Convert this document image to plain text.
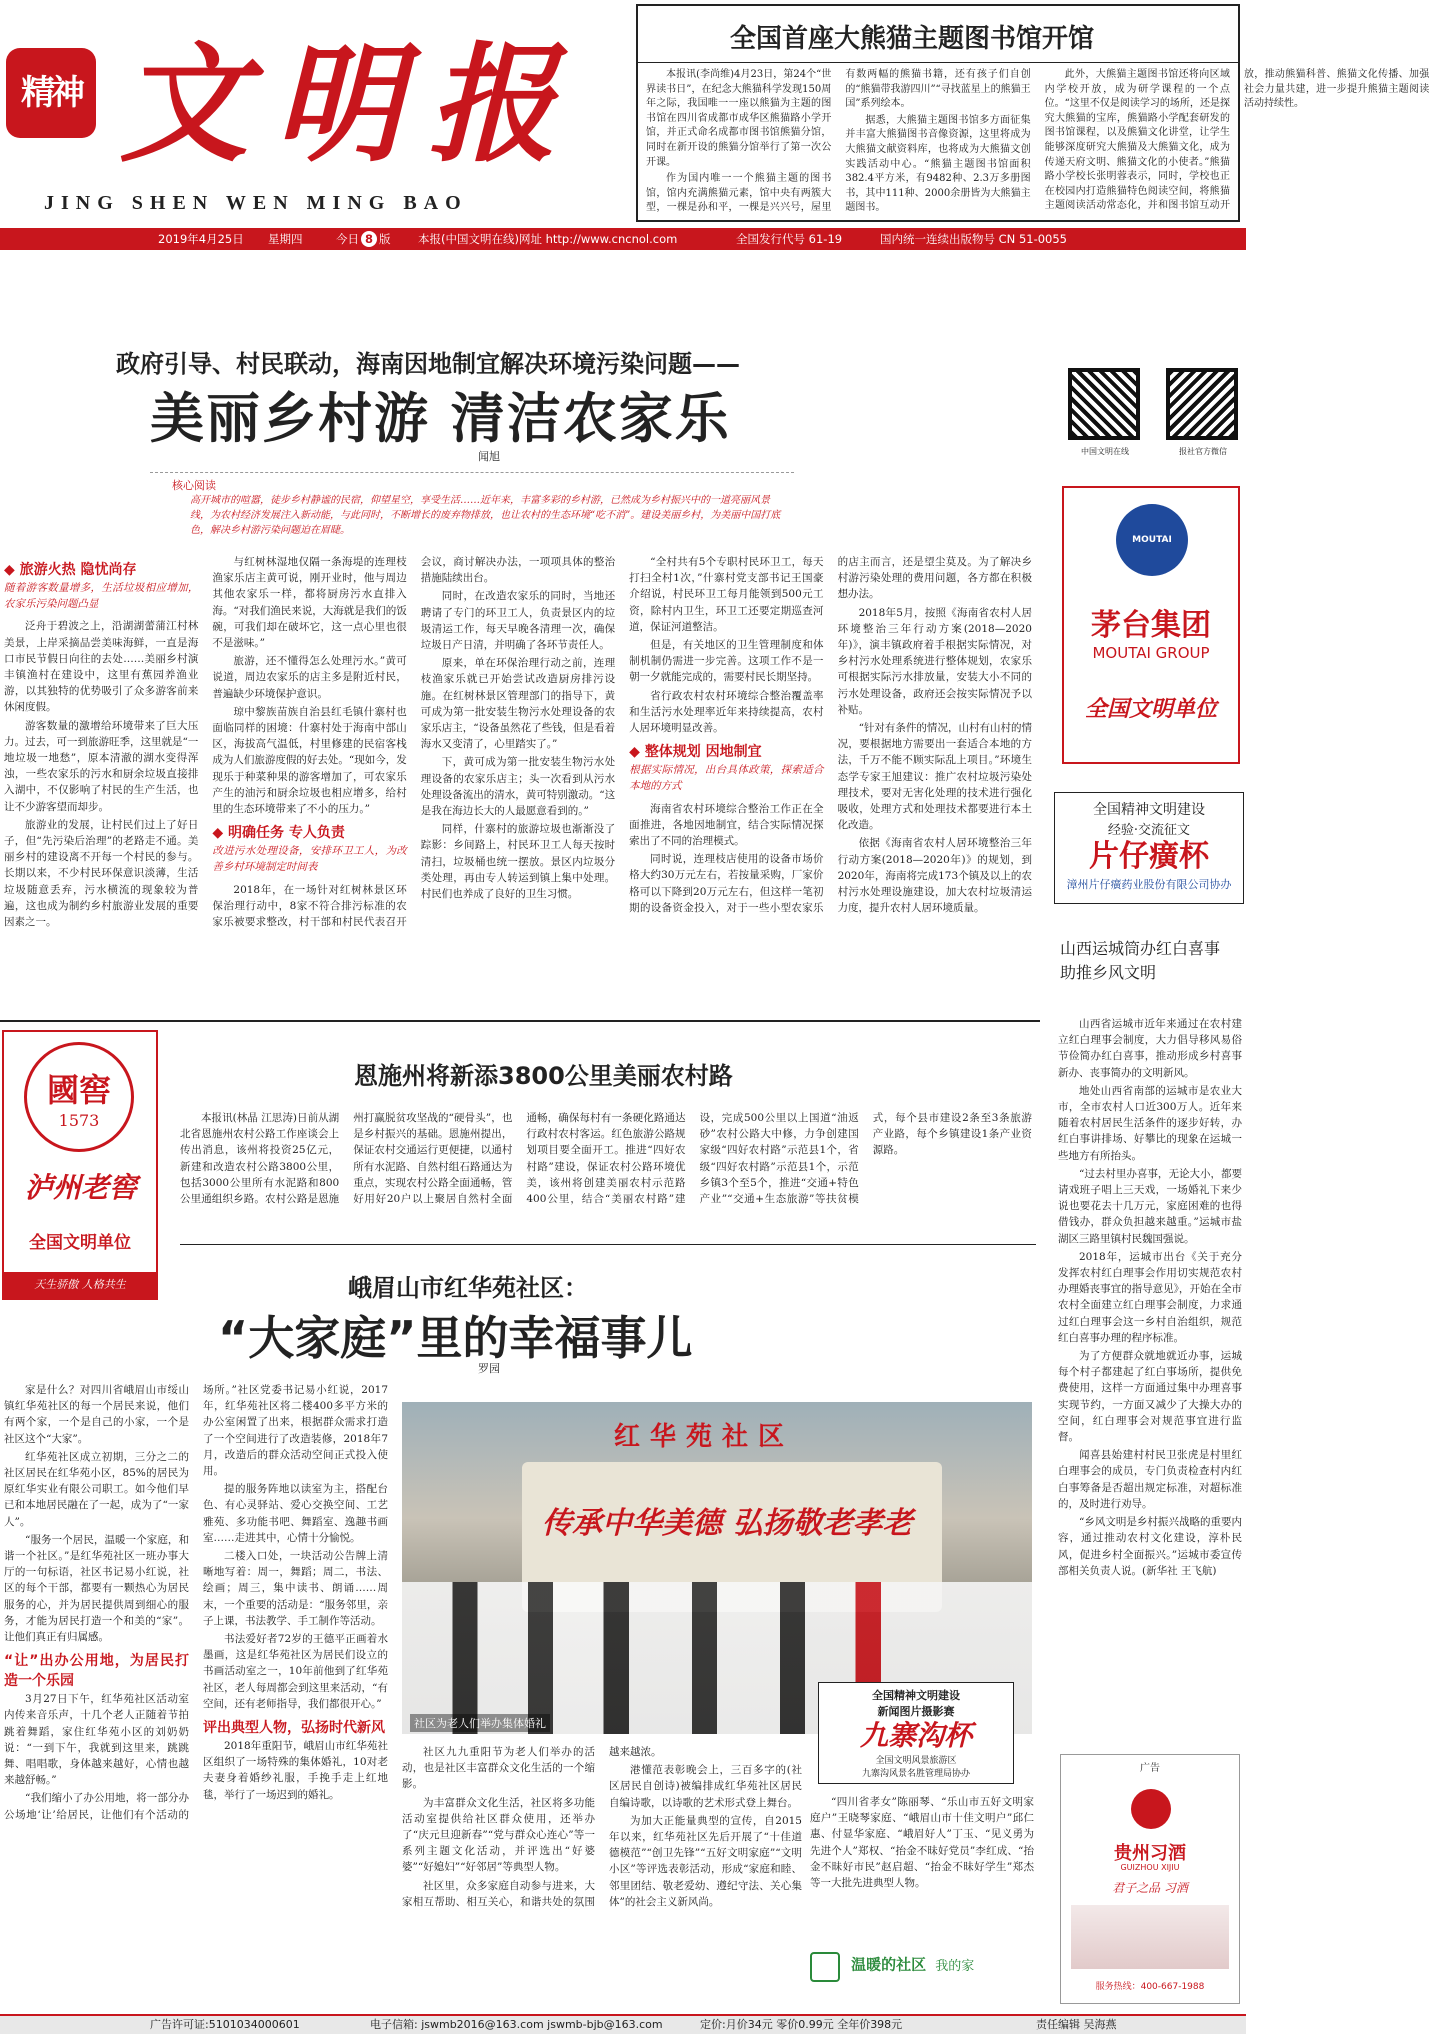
精神 文明报
JING SHEN WEN MING BAO
2019年4月25日 星期四	今日 8 版 本报(中国文明在线)网址 http://www.cncnol.com	全国发行代号 61-19	国内统一连续出版物号 CN 51-0055
全国首座大熊猫主题图书馆开馆

本报讯(李尚维)4月23日，第24个“世界读书日”，在纪念大熊猫科学发现150周年之际，我国唯一一座以熊猫为主题的图书馆在四川省成都市成华区熊猫路小学开馆，并正式命名成都市图书馆熊猫分馆，同时在新开设的熊猫分馆举行了第一次公开课。

作为国内唯一一个熊猫主题的图书馆，馆内充满熊猫元素，馆中央有两簇大型，一棵是孙和平，一棵是兴兴号，屋里有数两幅的熊猫书籍，还有孩子们自创的“熊猫带我游四川”“寻找蓝星上的熊猫王国”系列绘本。

据悉，大熊猫主题图书馆多方面征集并丰富大熊猫图书音像资源，这里将成为大熊猫文献资料库，也将成为大熊猫文创实践活动中心。“熊猫主题图书馆面积382.4平方米，有9482种、2.3万多册图书，其中111种、2000余册皆为大熊猫主题图书。

此外，大熊猫主题图书馆还将向区域内学校开放，成为研学课程的一个点位。“这里不仅是阅读学习的场所，还是探究大熊猫的宝库，熊猫路小学配套研发的图书馆课程，以及熊猫文化讲堂，让学生能够深度研究大熊猫及大熊猫文化，成为传递天府文明、熊猫文化的小使者。”熊猫路小学校长张明蓉表示，同时，学校也正在校园内打造熊猫特色阅读空间，将熊猫主题阅读活动常态化，并和图书馆互动开放，推动熊猫科普、熊猫文化传播、加强社会力量共建，进一步提升熊猫主题阅读活动持续性。

政府引导、村民联动，海南因地制宜解决环境污染问题——
美丽乡村游 清洁农家乐
闻旭
核心阅读
高开城市的喧嚣，徒步乡村静谧的民宿，仰望星空，享受生活……近年来，丰富多彩的乡村游，已然成为乡村振兴中的一道亮丽风景线，为农村经济发展注入新动能，与此同时，不断增长的废弃物排放，也让农村的生态环境“吃不消”。建设美丽乡村，为美丽中国打底色，解决乡村游污染问题迫在眉睫。
◆ 旅游火热 隐忧尚存
随着游客数量增多，生活垃圾相应增加，农家乐污染问题凸显

泛舟于碧波之上，沿湖湖蕾蒲江村林美景，上岸采摘品尝美味海鲜，一直是海口市民节假日向往的去处……美丽乡村演丰镇渔村在建设中，这里有蕉园养渔业游，以其独特的优势吸引了众多游客前来休闲度假。

游客数量的激增给环境带来了巨大压力。过去，可一到旅游旺季，这里就是“一地垃圾一地愁”，原本清澈的湖水变得浑浊，一些农家乐的污水和厨余垃圾直接排入湖中，不仅影响了村民的生产生活，也让不少游客望而却步。

旅游业的发展，让村民们过上了好日子，但“先污染后治理”的老路走不通。美丽乡村的建设离不开每一个村民的参与。长期以来，不少村民环保意识淡薄，生活垃圾随意丢弃，污水横流的现象较为普遍，这也成为制约乡村旅游业发展的重要因素之一。

与红树林湿地仅隔一条海堤的连理枝渔家乐店主黄可说，刚开业时，他与周边其他农家乐一样，都将厨房污水直排入海。“对我们渔民来说，大海就是我们的饭碗，可我们却在破坏它，这一点心里也很不是滋味。”

旅游，还不懂得怎么处理污水。”黄可说道，周边农家乐的店主多是附近村民，普遍缺少环境保护意识。

琼中黎族苗族自治县红毛镇什寨村也面临同样的困境：什寨村处于海南中部山区，海拔高气温低，村里修建的民宿客栈成为人们旅游度假的好去处。“现如今，发现乐于种菜种果的游客增加了，可农家乐产生的油污和厨余垃圾也相应增多，给村里的生态环境带来了不小的压力。”

◆ 明确任务 专人负责
改进污水处理设备，安排环卫工人，为改善乡村环境制定时间表

2018年，在一场针对红树林景区环保治理行动中，8家不符合排污标准的农家乐被要求整改，村干部和村民代表召开会议，商讨解决办法，一项项具体的整治措施陆续出台。

同时，在改造农家乐的同时，当地还聘请了专门的环卫工人，负责景区内的垃圾清运工作，每天早晚各清理一次，确保垃圾日产日清，并明确了各环节责任人。

原来，单在环保治理行动之前，连理枝渔家乐就已开始尝试改造厨房排污设施。在红树林景区管理部门的指导下，黄可成为第一批安装生物污水处理设备的农家乐店主，“设备虽然花了些钱，但是看着海水又变清了，心里踏实了。”

下，黄可成为第一批安装生物污水处理设备的农家乐店主；头一次看到从污水处理设备流出的清水，黄可特别激动。“这是我在海边长大的人最愿意看到的。”

同样，什寨村的旅游垃圾也渐渐没了踪影：乡间路上，村民环卫工人每天按时清扫，垃圾桶也统一摆放。景区内垃圾分类处理，再由专人转运到镇上集中处理。村民们也养成了良好的卫生习惯。

“全村共有5个专职村民环卫工，每天打扫全村1次，”什寨村党支部书记王国豪介绍说，村民环卫工每月能领到500元工资，除村内卫生，环卫工还要定期巡查河道，保证河道整洁。

但是，有关地区的卫生管理制度和体制机制仍需进一步完善。这项工作不是一朝一夕就能完成的，需要村民长期坚持。

省行政农村农村环境综合整治覆盖率和生活污水处理率近年来持续提高，农村人居环境明显改善。

◆ 整体规划 因地制宜
根据实际情况，出台具体政策，探索适合本地的方式

海南省农村环境综合整治工作正在全面推进，各地因地制宜，结合实际情况探索出了不同的治理模式。

同时说，连理枝店使用的设备市场价格大约30万元左右，若按量采购，厂家价格可以下降到20万元左右，但这样一笔初期的设备资金投入，对于一些小型农家乐的店主而言，还是望尘莫及。为了解决乡村游污染处理的费用问题，各方都在积极想办法。

2018年5月，按照《海南省农村人居环境整治三年行动方案(2018—2020年)》，演丰镇政府着手根据实际情况，对乡村污水处理系统进行整体规划，农家乐可根据实际污水排放量，安装大小不同的污水处理设备，政府还会按实际情况予以补贴。

“针对有条件的情况，山村有山村的情况，要根据地方需要出一套适合本地的方法，千万不能不顾实际乱上项目。”环境生态学专家王旭建议：推广农村垃圾污染处理技术，要对无害化处理的技术进行强化吸收，处理方式和处理技术都要进行本土化改造。

依据《海南省农村人居环境整治三年行动方案(2018—2020年)》的规划，到2020年，海南将完成173个镇及以上的农村污水处理设施建设，加大农村垃圾清运力度，提升农村人居环境质量。

國窖
1573
泸州老窖
全国文明单位
天生骄傲 人格共生
恩施州将新添3800公里美丽农村路

本报讯(林晶 江思涛)日前从湖北省恩施州农村公路工作座谈会上传出消息，该州将投资25亿元，新建和改造农村公路3800公里，包括3000公里所有水泥路和800公里通组织乡路。农村公路是恩施州打赢脱贫攻坚战的“硬骨头”，也是乡村振兴的基础。恩施州提出，保证农村交通运行更便捷，以通村所有水泥路、自然村组石路通达为重点，实现农村公路全面通畅，管好用好20户以上聚居自然村全面通畅，确保每村有一条硬化路通达行政村农村客运。红色旅游公路规划项目要全面开工。推进“四好农村路”建设，保证农村公路环境优美，该州将创建美丽农村示范路400公里，结合“美丽农村路”建设，完成500公里以上国道“油返砂”农村公路大中修，力争创建国家级“四好农村路”示范县1个，省级“四好农村路”示范县1个，示范乡镇3个至5个，推进“交通+特色产业”“交通+生态旅游”等扶贫模式，每个县市建设2条至3条旅游产业路，每个乡镇建设1条产业资源路。

峨眉山市红华苑社区：
“大家庭”里的幸福事儿
罗园

家是什么？对四川省峨眉山市绥山镇红华苑社区的每一个居民来说，他们有两个家，一个是自己的小家，一个是社区这个“大家”。

红华苑社区成立初期，三分之二的社区居民在红华苑小区，85%的居民为原红华实业有限公司职工。如今他们早已和本地居民融在了一起，成为了“一家人”。

“服务一个居民，温暖一个家庭，和谐一个社区。”是红华苑社区一班办事大厅的一句标语，社区书记易小红说，社区的每个干部，都要有一颗热心为居民服务的心，并为居民提供周到细心的服务，才能为居民打造一个和美的“家”。让他们真正有归属感。

“让”出办公用地，为居民打造一个乐园

3月27日下午，红华苑社区活动室内传来音乐声，十几个老人正随着节拍跳着舞蹈，家住红华苑小区的刘奶奶说：“一到下午，我就到这里来，跳跳舞、唱唱歌，身体越来越好，心情也越来越舒畅。”

“我们缩小了办公用地，将一部分办公场地‘让’给居民，让他们有个活动的场所。”社区党委书记易小红说，2017年，红华苑社区将二楼400多平方米的办公室闲置了出来，根据群众需求打造了一个空间进行了改造装修，2018年7月，改造后的群众活动空间正式投入使用。

提的服务阵地以读室为主，搭配台色、有心灵驿站、爱心交换空间、工艺雅苑、多功能书吧、舞蹈室、逸趣书画室……走进其中，心情十分愉悦。

二楼入口处，一块活动公告牌上清晰地写着：周一，舞蹈；周二，书法、绘画；周三，集中读书、朗诵……周末，一个重要的活动是：“服务邻里，亲子上课，书法教学、手工制作等活动。

书法爱好者72岁的王德平正画着水墨画，这是红华苑社区为居民们设立的书画活动室之一，10年前他到了红华苑社区，老人每周都会到这里来活动，“有空间，还有老师指导，我们都很开心。”

评出典型人物，弘扬时代新风

2018年重阳节，峨眉山市红华苑社区组织了一场特殊的集体婚礼，10对老夫妻身着婚纱礼服，手挽手走上红地毯，举行了一场迟到的婚礼。

红华苑社区
传承中华美德 弘扬敬老孝老
社区为老人们举办集体婚礼
全国精神文明建设
新闻图片摄影赛
九寨沟杯
全国文明风景旅游区
九寨沟风景名胜管理局协办

社区九九重阳节为老人们举办的活动，也是社区丰富群众文化生活的一个缩影。

为丰富群众文化生活，社区将多功能活动室提供给社区群众使用，还举办了“庆元旦迎新春”“党与群众心连心”等一系列主题文化活动，并评选出“好婆婆”“好媳妇”“好邻居”等典型人物。

社区里，众多家庭自动参与进来，大家相互帮助、相互关心，和谐共处的氛围越来越浓。

港懂范表彰晚会上，三百多字的(社区居民自创诗)被编排成红华苑社区居民自编诗歌，以诗歌的艺术形式登上舞台。

为加大正能量典型的宣传，自2015年以来，红华苑社区先后开展了“十佳道德模范”“创卫先锋”“五好文明家庭”“文明小区”等评选表彰活动，形成“家庭和睦、邻里团结、敬老爱幼、遵纪守法、关心集体”的社会主义新风尚。

“四川省孝女”陈丽琴、“乐山市五好文明家庭户”王晓琴家庭、“峨眉山市十佳文明户”邱仁惠、付显华家庭、“峨眉好人”丁玉、“见义勇为先进个人”郑权、“抬金不昧好党员”李红成、“抬金不昧好市民”赵启超、“抬金不昧好学生”郑杰等一大批先进典型人物。

温暖的社区 我的家
中国文明在线	报社官方微信
MOUTAI
茅台集团
MOUTAI GROUP
全国文明单位
全国精神文明建设
经验·交流征文
片仔癀杯
漳州片仔癀药业股份有限公司协办
山西运城筒办红白喜事
助推乡风文明

山西省运城市近年来通过在农村建立红白理事会制度，大力倡导移风易俗节俭简办红白喜事，推动形成乡村喜事新办、丧事简办的文明新风。

地处山西省南部的运城市是农业大市，全市农村人口近300万人。近年来随着农村居民生活条件的逐步好转，办红白事讲排场、好攀比的现象在运城一些地方有所抬头。

“过去村里办喜事，无论大小，都要请戏班子唱上三天戏，一场婚礼下来少说也要花去十几万元，家庭困难的也得借钱办，群众负担越来越重。”运城市盐湖区三路里镇村民魏国强说。

2018年，运城市出台《关于充分发挥农村红白理事会作用切实规范农村办理婚丧事宜的指导意见》，开始在全市农村全面建立红白理事会制度，力求通过红白理事会这一乡村自治组织，规范红白喜事办理的程序标准。

为了方便群众就地就近办事，运城每个村子都建起了红白事场所，提供免费使用，这样一方面通过集中办理喜事实现节约，一方面又减少了大操大办的空间，红白理事会对规范事宜进行监督。

闻喜县始建村村民卫张虎是村里红白理事会的成员，专门负责检查村内红白事筹备是否超出规定标准，对超标准的，及时进行劝导。

“乡风文明是乡村振兴战略的重要内容，通过推动农村文化建设，淳朴民风，促进乡村全面振兴。”运城市委宣传部相关负责人说。(新华社 王飞航)

广告
贵州习酒
GUIZHOU XIJIU
君子之品 习酒
服务热线：400-667-1988
广告许可证:5101034000601	电子信箱: jswmb2016@163.com jswmb-bjb@163.com	定价:月价34元 零价0.99元 全年价398元	责任编辑 吴海燕
